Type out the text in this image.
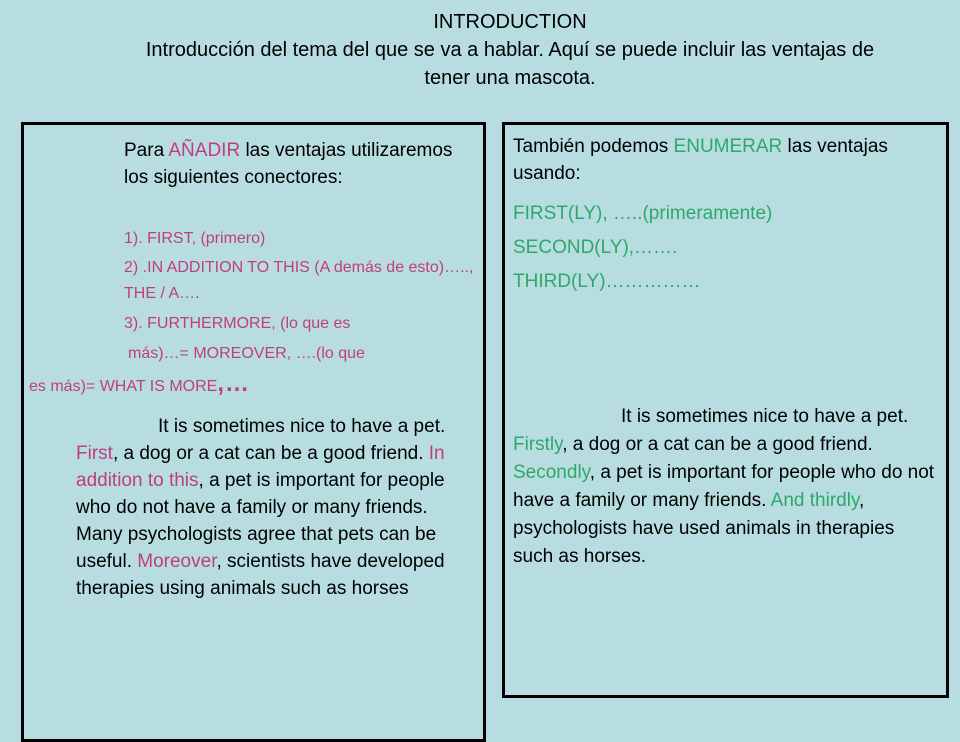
INTRODUCTION
Introducción del tema del que se va a hablar. Aquí se puede incluir las ventajas de tener una mascota.
Para AÑADIR las ventajas utilizaremos los siguientes conectores:

1). FIRST, (primero)

2) .IN ADDITION TO THIS (A demás de esto)….., THE / A….

3). FURTHERMORE, (lo que es
más)…= MOREOVER, ….(lo que
es más)= WHAT IS MORE,…
It is sometimes nice to have a pet. First, a dog or a cat can be a good friend. In addition to this, a pet is important for people who do not have a family or many friends. Many psychologists agree that pets can be useful. Moreover, scientists have developed therapies using animals such as horses
También podemos ENUMERAR las ventajas usando:

FIRST(LY), …..(primeramente)

SECOND(LY),…….

THIRD(LY)……………

It is sometimes nice to have a pet. Firstly, a dog or a cat can be a good friend. Secondly, a pet is important for people who do not have a family or many friends. And thirdly, psychologists have used animals in therapies such as horses.
